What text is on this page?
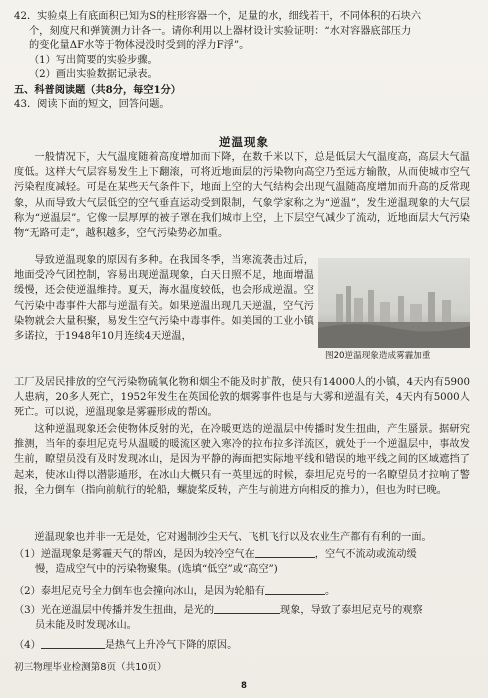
42．实验桌上有底面积已知为S的柱形容器一个，足量的水，细线若干，不同体积的石块六
个，刻度尺和弹簧测力计各一。请你利用以上器材设计实验证明：“水对容器底部压力
的变化量ΔF水等于物体浸没时受到的浮力F浮”。
（1）写出简要的实验步骤。
（2）画出实验数据记录表。
五、科普阅读题（共8分，每空1分）
43．阅读下面的短文，回答问题。
逆温现象

一般情况下，大气温度随着高度增加而下降，在数千米以下，总是低层大气温度高，高层大气温度低。这样大气层容易发生上下翻滚，可将近地面层的污染物向高空乃至远方输散，从而使城市空气污染程度减轻。可是在某些天气条件下，地面上空的大气结构会出现气温随高度增加而升高的反常现象，从而导致大气层低空的空气垂直运动受到限制，气象学家称之为“逆温”，发生逆温现象的大气层称为“逆温层”。它像一层厚厚的被子罩在我们城市上空，上下层空气减少了流动，近地面层大气污染物“无路可走”，越积越多，空气污染势必加重。

导致逆温现象的原因有多种。在我国冬季，当寒流袭击过后，地面受冷气团控制，容易出现逆温现象，白天日照不足，地面增温缓慢，还会使逆温维持。夏天，海水温度较低，也会形成逆温。空气污染中毒事件大都与逆温有关。如果逆温出现几天逆温，空气污染物就会大量积聚，易发生空气污染中毒事件。如美国的工业小镇多诺拉，于1948年10月连续4天逆温，

图20逆温现象造成雾霾加重

工厂及居民排放的空气污染物硫氧化物和烟尘不能及时扩散，使只有14000人的小镇，4天内有5900人患病，20多人死亡，1952年发生在英国伦敦的烟雾事件也是与大雾和逆温有关，4天内有5000人死亡。可以说，逆温现象是雾霾形成的帮凶。

这种逆温现象还会使物体反射的光，在冷暖更迭的逆温层中传播时发生扭曲，产生蜃景。据研究推测，当年的泰坦尼克号从温暖的暖流区驶入寒冷的拉布拉多洋流区，就处于一个逆温层中，事故发生前，瞭望员没有及时发现冰山，是因为平静的海面把实际地平线和错误的地平线之间的区域遮挡了起来，使冰山得以潜影遁形，在冰山大概只有一英里远的时候，泰坦尼克号的一名瞭望员才拉响了警报，全力倒车（指向前航行的轮船，螺旋桨反转，产生与前进方向相反的推力），但也为时已晚。

逆温现象也并非一无是处，它对遏制沙尘天气、飞机飞行以及农业生产都有有利的一面。

（1）逆温现象是雾霾天气的帮凶，是因为较冷空气在	，空气不流动或流动缓
慢，造成空气中的污染物聚集。(选填“低空”或“高空”)
（2）泰坦尼克号全力倒车也会撞向冰山，是因为轮船有	。
（3）光在逆温层中传播并发生扭曲，是光的	现象，导致了泰坦尼克号的观察
员未能及时发现冰山。
（4）	是热气上升冷气下降的原因。
初三物理毕业检测第8页（共10页）
8
